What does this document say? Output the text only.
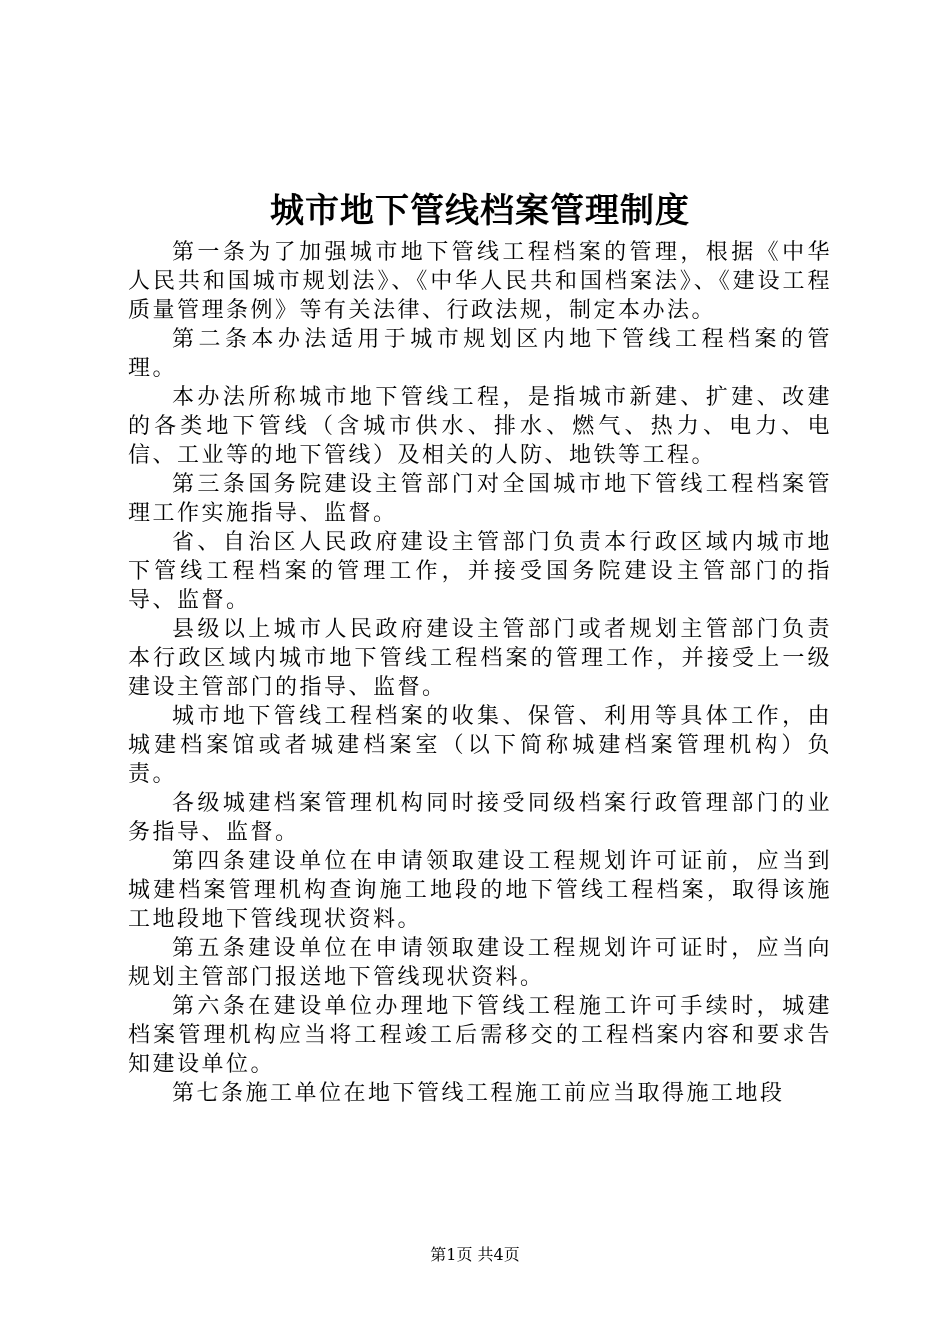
城市地下管线档案管理制度

第一条为了加强城市地下管线工程档案的管理，根据《中华人民共和国城市规划法》、《中华人民共和国档案法》、《建设工程质量管理条例》等有关法律、行政法规，制定本办法。

第二条本办法适用于城市规划区内地下管线工程档案的管理。

本办法所称城市地下管线工程，是指城市新建、扩建、改建的各类地下管线（含城市供水、排水、燃气、热力、电力、电信、工业等的地下管线）及相关的人防、地铁等工程。

第三条国务院建设主管部门对全国城市地下管线工程档案管理工作实施指导、监督。

省、自治区人民政府建设主管部门负责本行政区域内城市地下管线工程档案的管理工作，并接受国务院建设主管部门的指导、监督。

县级以上城市人民政府建设主管部门或者规划主管部门负责本行政区域内城市地下管线工程档案的管理工作，并接受上一级建设主管部门的指导、监督。

城市地下管线工程档案的收集、保管、利用等具体工作，由城建档案馆或者城建档案室（以下简称城建档案管理机构）负责。

各级城建档案管理机构同时接受同级档案行政管理部门的业务指导、监督。

第四条建设单位在申请领取建设工程规划许可证前，应当到城建档案管理机构查询施工地段的地下管线工程档案，取得该施工地段地下管线现状资料。

第五条建设单位在申请领取建设工程规划许可证时，应当向规划主管部门报送地下管线现状资料。

第六条在建设单位办理地下管线工程施工许可手续时，城建档案管理机构应当将工程竣工后需移交的工程档案内容和要求告知建设单位。

第七条施工单位在地下管线工程施工前应当取得施工地段

第1页 共4页
